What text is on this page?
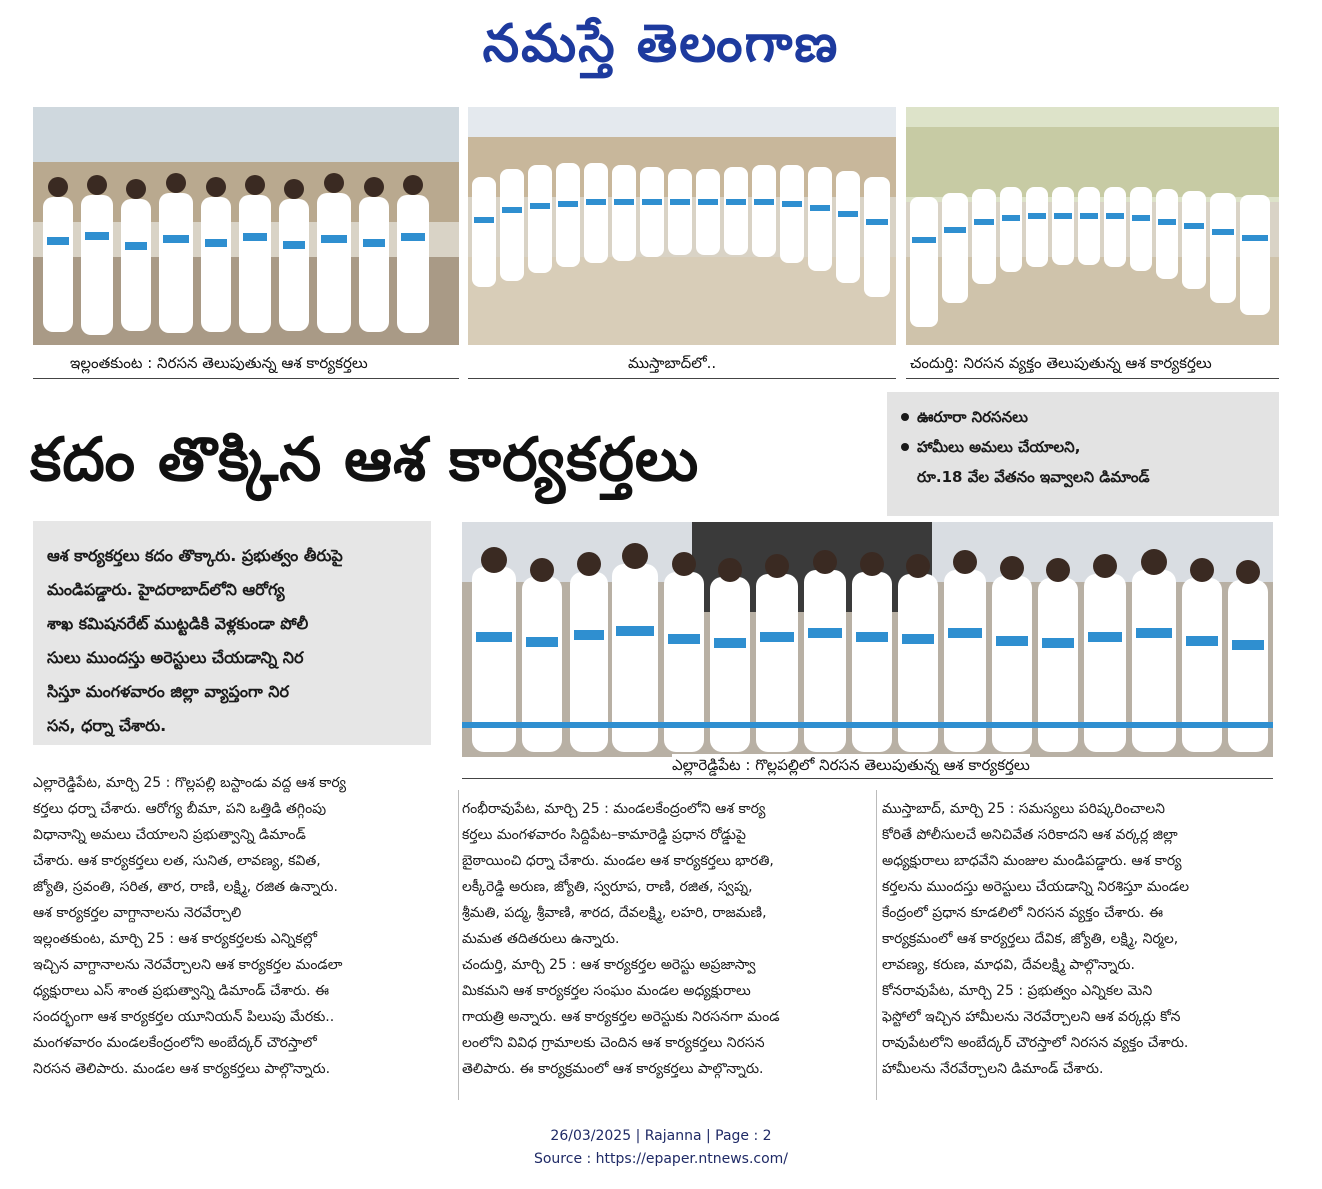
నమస్తే తెలంగాణ
ఇల్లంతకుంట : నిరసన తెలుపుతున్న ఆశ కార్యకర్తలు	ముస్తాబాద్‌లో..	చందుర్తి: నిరసన వ్యక్తం తెలుపుతున్న ఆశ కార్యకర్తలు
కదం తొక్కిన ఆశ కార్యకర్తలు
ఊరూరా నిరసనలు
హామీలు అమలు చేయాలని,
రూ.18 వేల వేతనం ఇవ్వాలని డిమాండ్

ఆశ కార్యకర్తలు కదం తొక్కారు. ప్రభుత్వం తీరుపై

మండిపడ్డారు. హైదరాబాద్‌లోని ఆరోగ్య

శాఖ కమిషనరేట్ ముట్టడికి వెళ్లకుండా పోలీ

సులు ముందస్తు అరెస్టులు చేయడాన్ని నిర

సిస్తూ మంగళవారం జిల్లా వ్యాప్తంగా నిర

సన, ధర్నా చేశారు.

ఎల్లారెడ్డిపేట : గొల్లపల్లిలో నిరసన తెలుపుతున్న ఆశ కార్యకర్తలు

ఎల్లారెడ్డిపేట, మార్చి 25 : గొల్లపల్లి బస్టాండు వద్ద ఆశ కార్య

కర్తలు ధర్నా చేశారు. ఆరోగ్య బీమా, పని ఒత్తిడి తగ్గింపు

విధానాన్ని అమలు చేయాలని ప్రభుత్వాన్ని డిమాండ్

చేశారు. ఆశ కార్యకర్తలు లత, సునిత, లావణ్య, కవిత,

జ్యోతి, స్రవంతి, సరిత, తార, రాణి, లక్ష్మి, రజిత ఉన్నారు.

ఆశ కార్యకర్తల వాగ్దానాలను నెరవేర్చాలి

ఇల్లంతకుంట, మార్చి 25 : ఆశ కార్యకర్తలకు ఎన్నికల్లో

ఇచ్చిన వాగ్దానాలను నెరవేర్చాలని ఆశ కార్యకర్తల మండలా

ధ్యక్షురాలు ఎస్ శాంత ప్రభుత్వాన్ని డిమాండ్ చేశారు. ఈ

సందర్భంగా ఆశ కార్యకర్తల యూనియన్ పిలుపు మేరకు..

మంగళవారం మండలకేంద్రంలోని అంబేద్కర్ చౌరస్తాలో

నిరసన తెలిపారు. మండల ఆశ కార్యకర్తలు పాల్గొన్నారు.

గంభీరావుపేట, మార్చి 25 : మండలకేంద్రంలోని ఆశ కార్య

కర్తలు మంగళవారం సిద్దిపేట–కామారెడ్డి ప్రధాన రోడ్డుపై

బైఠాయించి ధర్నా చేశారు. మండల ఆశ కార్యకర్తలు భారతి,

లక్కీరెడ్డి అరుణ, జ్యోతి, స్వరూప, రాణి, రజిత, స్వప్న,

శ్రీమతి, పద్మ, శ్రీవాణి, శారద, దేవలక్ష్మి, లహరి, రాజమణి,

మమత తదితరులు ఉన్నారు.

చందుర్తి, మార్చి 25 : ఆశ కార్యకర్తల అరెస్టు అప్రజాస్వా

మికమని ఆశ కార్యకర్తల సంఘం మండల అధ్యక్షురాలు

గాయత్రి అన్నారు. ఆశ కార్యకర్తల అరెస్టుకు నిరసనగా మండ

లంలోని వివిధ గ్రామాలకు చెందిన ఆశ కార్యకర్తలు నిరసన

తెలిపారు. ఈ కార్యక్రమంలో ఆశ కార్యకర్తలు పాల్గొన్నారు.

ముస్తాబాద్, మార్చి 25 : సమస్యలు పరిష్కరించాలని

కోరితే పోలీసులచే అనిచివేత సరికాదని ఆశ వర్కర్ల జిల్లా

అధ్యక్షురాలు బాధవేని మంజుల మండిపడ్డారు. ఆశ కార్య

కర్తలను ముందస్తు అరెస్టులు చేయడాన్ని నిరశిస్తూ మండల

కేంద్రంలో ప్రధాన కూడలిలో నిరసన వ్యక్తం చేశారు. ఈ

కార్యక్రమంలో ఆశ కార్యర్తలు దేవిక, జ్యోతి, లక్ష్మి, నిర్మల,

లావణ్య, కరుణ, మాధవి, దేవలక్ష్మి పాల్గొన్నారు.

కోనరావుపేట, మార్చి 25 : ప్రభుత్వం ఎన్నికల మెని

ఫెస్టోలో ఇచ్చిన హామీలను నెరవేర్చాలని ఆశ వర్కర్లు కోన

రావుపేటలోని అంబేద్కర్ చౌరస్తాలో నిరసన వ్యక్తం చేశారు.

హామీలను నేరవేర్చాలని డిమాండ్ చేశారు.

26/03/2025 | Rajanna | Page : 2
Source : https://epaper.ntnews.com/
